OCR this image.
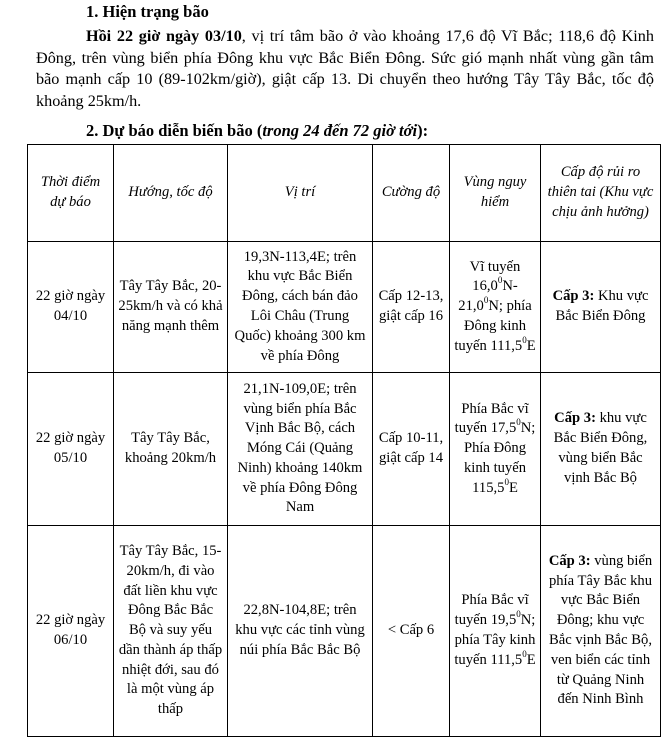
1. Hiện trạng bão
Hồi 22 giờ ngày 03/10, vị trí tâm bão ở vào khoảng 17,6 độ Vĩ Bắc; 118,6 độ Kinh Đông, trên vùng biển phía Đông khu vực Bắc Biển Đông. Sức gió mạnh nhất vùng gần tâm bão mạnh cấp 10 (89-102km/giờ), giật cấp 13. Di chuyển theo hướng Tây Tây Bắc, tốc độ khoảng 25km/h.
2. Dự báo diễn biến bão (trong 24 đến 72 giờ tới):
Thời điểm dự báo	Hướng, tốc độ	Vị trí	Cường độ	Vùng nguy hiểm	Cấp độ rủi ro thiên tai (Khu vực chịu ảnh hưởng)
22 giờ ngày 04/10	Tây Tây Bắc, 20-25km/h và có khả năng mạnh thêm	19,3N-113,4E; trên khu vực Bắc Biển Đông, cách bán đảo Lôi Châu (Trung Quốc) khoảng 300 km về phía Đông	Cấp 12-13, giật cấp 16	Vĩ tuyến 16,0$^0$N-21,0$^0$N; phía Đông kinh tuyến 111,5$^0$E	Cấp 3: Khu vực Bắc Biển Đông
22 giờ ngày 05/10	Tây Tây Bắc, khoảng 20km/h	21,1N-109,0E; trên vùng biển phía Bắc Vịnh Bắc Bộ, cách Móng Cái (Quảng Ninh) khoảng 140km về phía Đông Đông Nam	Cấp 10-11, giật cấp 14	Phía Bắc vĩ tuyến 17,5$^0$N; Phía Đông kinh tuyến 115,5$^0$E	Cấp 3: khu vực Bắc Biển Đông, vùng biển Bắc vịnh Bắc Bộ
22 giờ ngày 06/10	Tây Tây Bắc, 15-20km/h, đi vào đất liền khu vực Đông Bắc Bắc Bộ và suy yếu dần thành áp thấp nhiệt đới, sau đó là một vùng áp thấp	22,8N-104,8E; trên khu vực các tỉnh vùng núi phía Bắc Bắc Bộ	< Cấp 6	Phía Bắc vĩ tuyến 19,5$^0$N; phía Tây kinh tuyến 111,5$^0$E	Cấp 3: vùng biển phía Tây Bắc khu vực Bắc Biển Đông; khu vực Bắc vịnh Bắc Bộ, ven biển các tỉnh từ Quảng Ninh đến Ninh Bình
